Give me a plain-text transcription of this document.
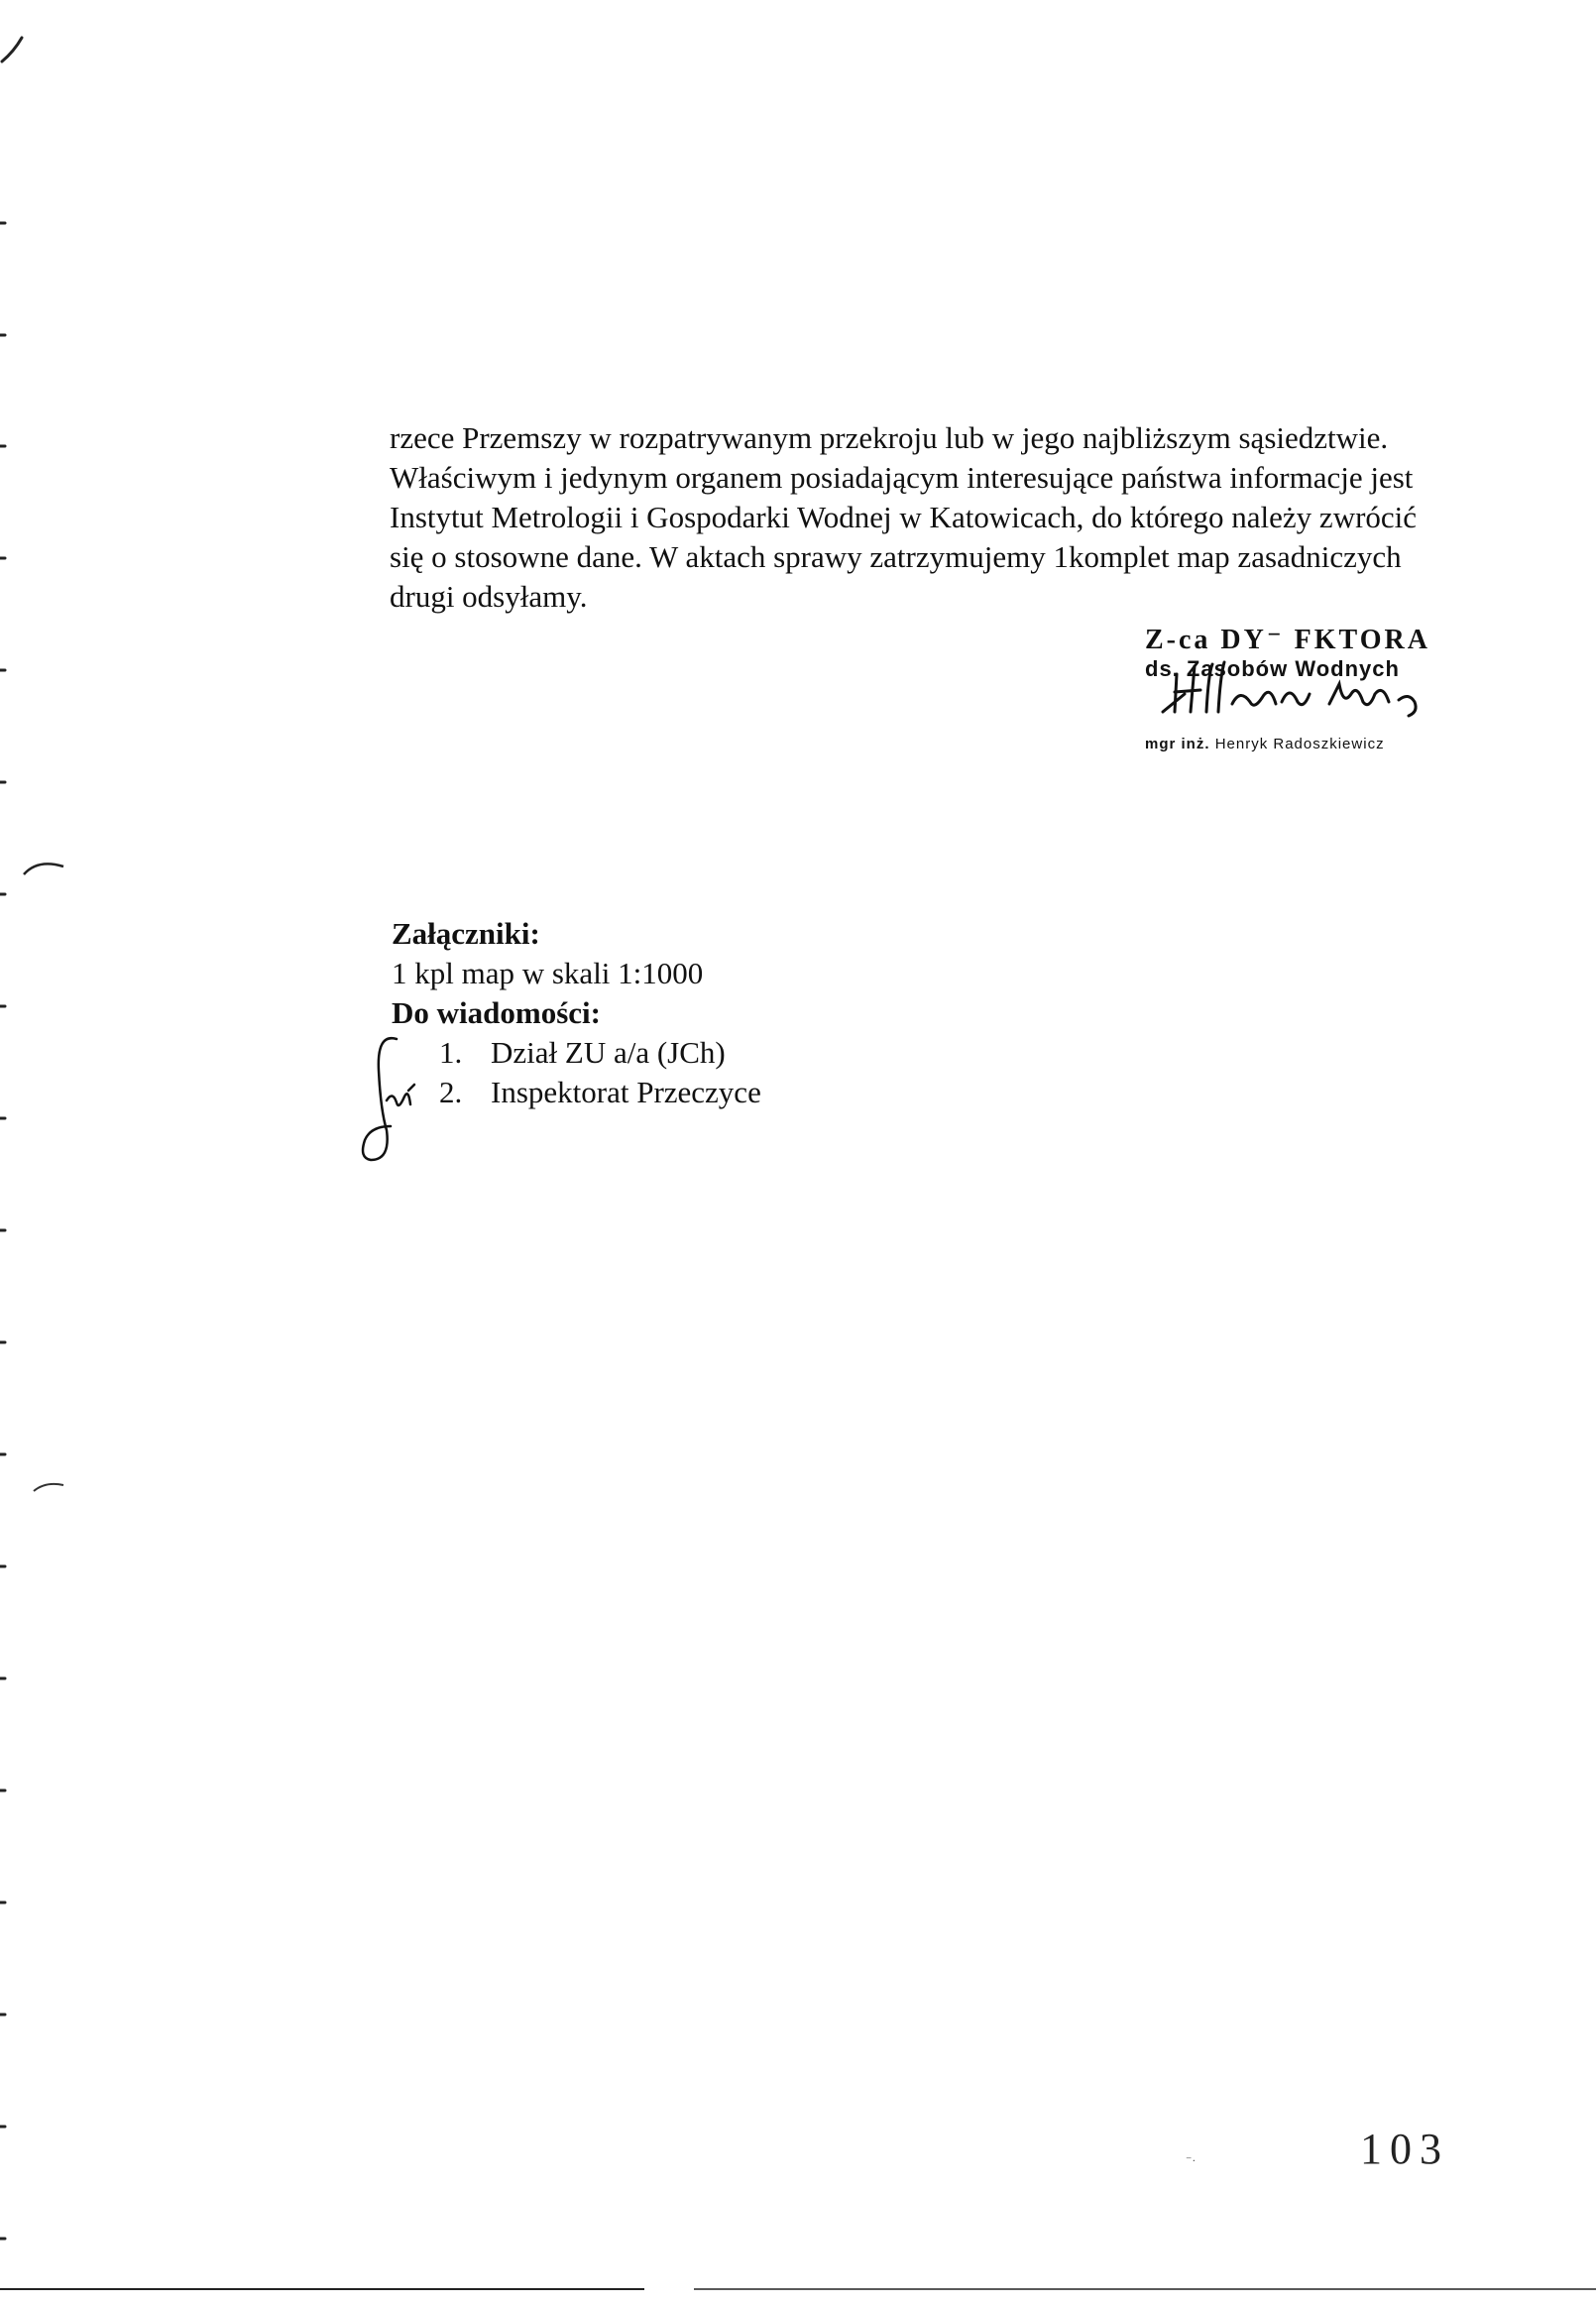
rzece Przemszy w rozpatrywanym przekroju lub w jego najbliższym sąsiedztwie.

Właściwym i jedynym organem posiadającym interesujące państwa informacje jest

Instytut Metrologii i Gospodarki Wodnej w Katowicach, do którego należy zwrócić

się o stosowne dane. W aktach sprawy zatrzymujemy 1komplet map zasadniczych

drugi odsyłamy.

Z-ca DY⁻ FKTORA
ds. Zasobów Wodnych
mgr inż. Henryk Radoszkiewicz
Załączniki:
1 kpl map w skali 1:1000
Do wiadomości:
1. Dział ZU a/a (JCh)
2. Inspektorat Przeczyce
⁻·	103
